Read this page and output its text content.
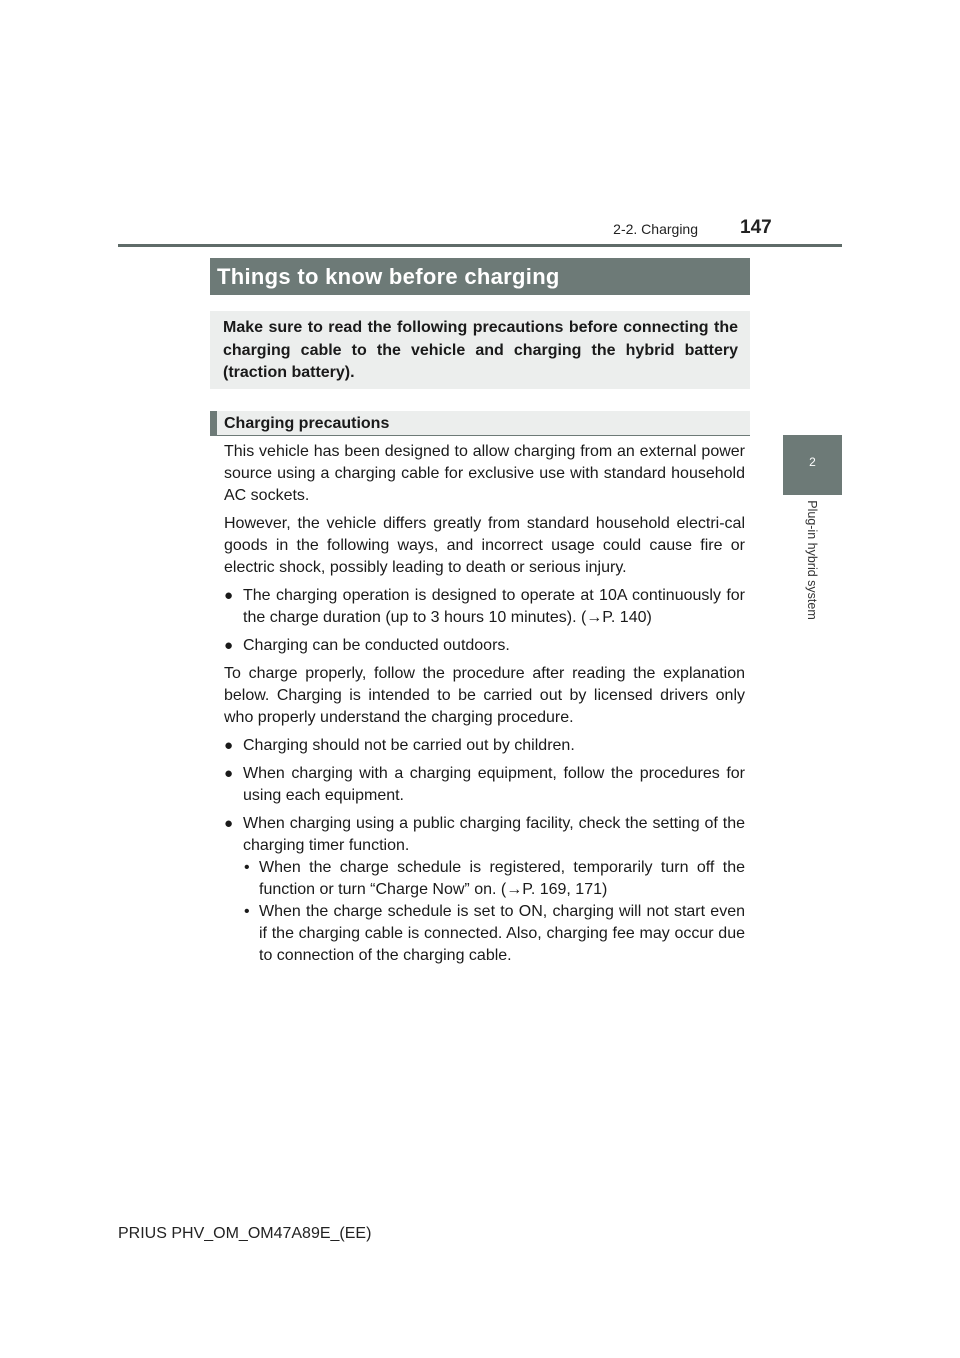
2-2. Charging 147
2
Plug-in hybrid system
Things to know before charging
Make sure to read the following precautions before connecting the charging cable to the vehicle and charging the hybrid battery (traction battery).
Charging precautions

This vehicle has been designed to allow charging from an external power source using a charging cable for exclusive use with standard household AC sockets.

However, the vehicle differs greatly from standard household electri-cal goods in the following ways, and incorrect usage could cause fire or electric shock, possibly leading to death or serious injury.

● The charging operation is designed to operate at 10A continuously for the charge duration (up to 3 hours 10 minutes). (→P. 140)
● Charging can be conducted outdoors.

To charge properly, follow the procedure after reading the explanation below. Charging is intended to be carried out by licensed drivers only who properly understand the charging procedure.

● Charging should not be carried out by children.
● When charging with a charging equipment, follow the procedures for using each equipment.
● When charging using a public charging facility, check the setting of the charging timer function.
• When the charge schedule is registered, temporarily turn off the function or turn “Charge Now” on. (→P. 169, 171)
• When the charge schedule is set to ON, charging will not start even if the charging cable is connected. Also, charging fee may occur due to connection of the charging cable.
PRIUS PHV_OM_OM47A89E_(EE)
